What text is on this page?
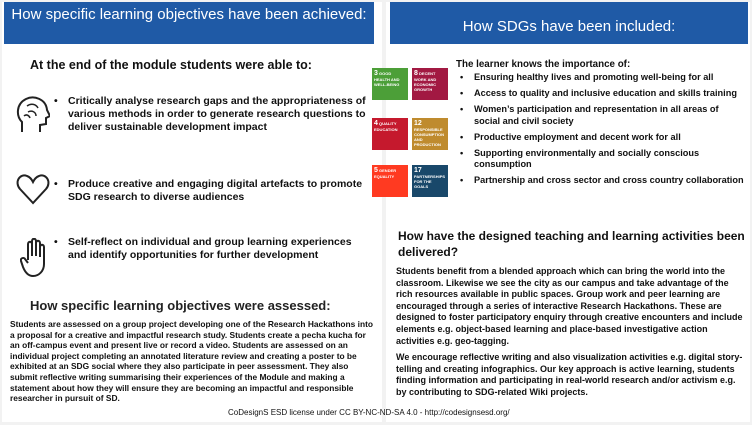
How specific learning objectives have been achieved:
How SDGs have been included:
At the end of the module students were able to:
• Critically analyse research gaps and the appropriateness of various methods in order to generate research questions to deliver sustainable development impact
• Produce creative and engaging digital artefacts to promote SDG research to diverse audiences
• Self-reflect on individual and group learning experiences and identify opportunities for further development
How specific learning objectives were assessed:
Students are assessed on a group project developing one of the Research Hackathons into a proposal for a creative and impactful research study. Students create a pecha kucha for an off-campus event and present live or record a video. Students are assessed on an individual project completing an annotated literature review and creating a poster to be exhibited at an SDG social where they also participate in peer assessment. They also submit reflective writing summarising their experiences of the Module and making a statement about how they will ensure they are becoming an impactful and responsible researcher in pursuit of SD.
3 GOOD HEALTH AND WELL-BEING
8 DECENT WORK AND ECONOMIC GROWTH
4 QUALITY EDUCATION
12 RESPONSIBLE CONSUMPTION AND PRODUCTION
5 GENDER EQUALITY
17 PARTNERSHIPS FOR THE GOALS
The learner knows the importance of:
• Ensuring healthy lives and promoting well-being for all
• Access to quality and inclusive education and skills training
• Women’s participation and representation in all areas of social and civil society
• Productive employment and decent work for all
• Supporting environmentally and socially conscious consumption
• Partnership and cross sector and cross country collaboration
How have the designed teaching and learning activities been delivered?
Students benefit from a blended approach which can bring the world into the classroom. Likewise we see the city as our campus and take advantage of the rich resources available in public spaces. Group work and peer learning are encouraged through a series of interactive Research Hackathons. These are designed to foster participatory enquiry through creative encounters and include elements e.g. object-based learning and place-based investigative action activities e.g. geo-tagging.
We encourage reflective writing and also visualization activities e.g. digital story-telling and creating infographics. Our key approach is active learning, students finding information and participating in real-world research and/or activism e.g. by contributing to SDG-related Wiki projects.
CoDesignS ESD license under CC BY-NC-ND-SA 4.0 - http://codesignsesd.org/
